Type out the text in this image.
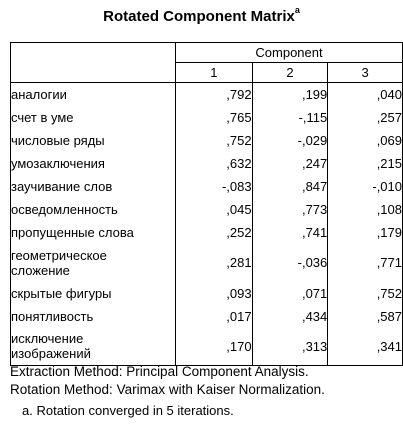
Rotated Component Matrix$^a$
	Component		
	1	2	3
аналогии	,792	,199	,040
счет в уме	,765	-,115	,257
числовые ряды	,752	-,029	,069
умозаключения	,632	,247	,215
заучивание слов	-,083	,847	-,010
осведомленность	,045	,773	,108
пропущенные слова	,252	,741	,179
геометрическое
сложение	,281	-,036	,771
скрытые фигуры	,093	,071	,752
понятливость	,017	,434	,587
исключение
изображений	,170	,313	,341
Extraction Method: Principal Component Analysis.
Rotation Method: Varimax with Kaiser Normalization.
a. Rotation converged in 5 iterations.
